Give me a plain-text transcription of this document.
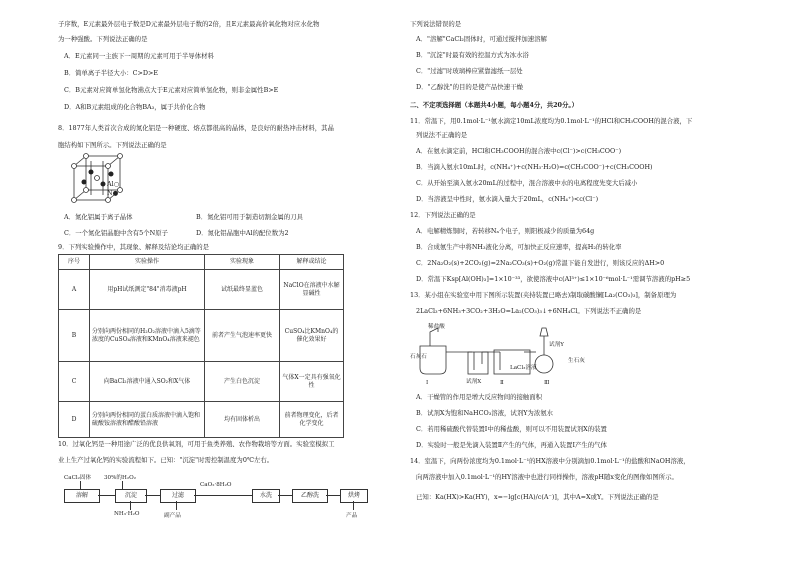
子序数，E元素最外层电子数是D元素最外层电子数的2倍，且E元素最高价氧化物对应水化物
为一种强酸。下列说法正确的是
A．E元素同一主族下一周期的元素可用于半导体材料
B．简单离子半径大小：C>D>E
C．B元素对应简单氢化物沸点大于E元素对应简单氢化物，则非金属性B>E
D．A和B元素组成的化合物BA₃，属于共价化合物
8．1877年人类首次合成的氮化铝是一种硬度、熔点都很高的晶体，是良好的耐热冲击材料，其晶
胞结构如下图所示。下列说法正确的是
Al○
N●
A．氮化铝属于离子晶体	B．氮化铝可用于制造切割金属的刀具
C．一个氮化铝晶胞中含有5个N原子	D．氮化铝晶胞中Al的配位数为2
9．下列实验操作中，其现象、解释及结论均正确的是
序号	实验操作	实验现象	解释或结论
A	用pH试纸测定"84"消毒液pH	试纸最终显蓝色	NaClO在溶液中水解显碱性
B	分别向两份相同的H₂O₂溶液中滴入5滴等浓度的CuSO₄溶液和KMnO₄溶液来褪色	前者产生气泡速率更快	CuSO₄比KMnO₄的催化效果好
C	向BaCl₂溶液中通入SO₂和X气体	产生白色沉淀	气体X一定具有强氧化性
D	分别向两份相同的蛋白质溶液中滴入饱和硫酸铵溶液和醋酸铅溶液	均有固体析出	前者物理变化，后者化学变化
10．过氧化钙是一种用途广泛的优良供氧剂，可用于鱼类养殖、农作物栽培等方面。实验室模拟工
业上生产过氧化钙的实验流程如下。已知："沉淀"时需控制温度为0℃左右。
CaCl₂固体 30%的H₂O₂
溶解	沉淀	过滤
CaO₂·8H₂O
水洗	乙醇洗	烘烤
NH₃·H₂O	副产品	产品
下列说法错误的是
A．"溶解"CaCl₂固体时，可通过搅拌加速溶解
B．"沉淀"时最有效的控温方式为冰水浴
C．"过滤"时玻璃棒应紧靠滤纸一层处
D．"乙醇洗"的目的是使产品快速干燥
二、不定项选择题（本题共4小题，每小题4分，共20分。）
11．常温下，用0.1mol·L⁻¹氨水滴定10mL浓度均为0.1mol·L⁻¹的HCl和CH₃COOH的混合液，下
列说法不正确的是
A．在氨水滴定前，HCl和CH₃COOH的混合液中c(Cl⁻)>c(CH₃COO⁻)
B．当滴入氨水10mL时，c(NH₄⁺)+c(NH₃·H₂O)=c(CH₃COO⁻)+c(CH₃COOH)
C．从开始至滴入氨水20mL的过程中，混合溶液中水的电离程度先变大后减小
D．当溶液呈中性时，氨水滴入量大于20mL，c(NH₄⁺)<c(Cl⁻)
12．下列说法正确的是
A．电解精炼铜时，若转移Nₐ个电子，则阳极减少的质量为64g
B．合成氨生产中将NH₃液化分离，可加快正反应速率，提高H₂的转化率
C．2Na₂O₂(s)+2CO₂(g)=2Na₂CO₃(s)+O₂(g)常温下能自发进行，则该反应的ΔH>0
D．常温下Ksp[Al(OH)₃]=1×10⁻³³，欲使溶液中c(Al³⁺)≤1×10⁻⁶mol·L⁻¹需调节溶液的pH≥5
13．某小组在实验室中用下图所示装置(夹持装置已略去)制取碳酸镧[La₂(CO₃)₃]，制备原理为
2LaCl₃+6NH₃+3CO₂+3H₂O=La₂(CO₃)₃↓+6NH₄Cl。下列说法不正确的是
稀盐酸
石灰石
试剂X
LaCl₃溶液
试剂Y
生石灰
Ⅰ	Ⅱ	Ⅲ
A．干燥管的作用是增大反应物间的接触面积
B．试剂X为饱和NaHCO₃溶液，试剂Y为浓氨水
C．若用稀硫酸代替装置Ⅰ中的稀盐酸，则可以不用装置试剂X的装置
D．实验时一般是先滴入装置Ⅱ产生的气体，再通入装置Ⅰ产生的气体
14．室温下，向两份浓度均为0.1mol·L⁻¹的HX溶液中分别滴加0.1mol·L⁻¹的盐酸和NaOH溶液，
向两溶液中加入0.1mol·L⁻¹的HY溶液中也进行同样操作，溶液pH随x变化的图像如图所示。
已知：Ka(HX)>Ka(HY)，x=−lg[c(HA)/c(A⁻)]，其中A=X或Y。下列说法正确的是
